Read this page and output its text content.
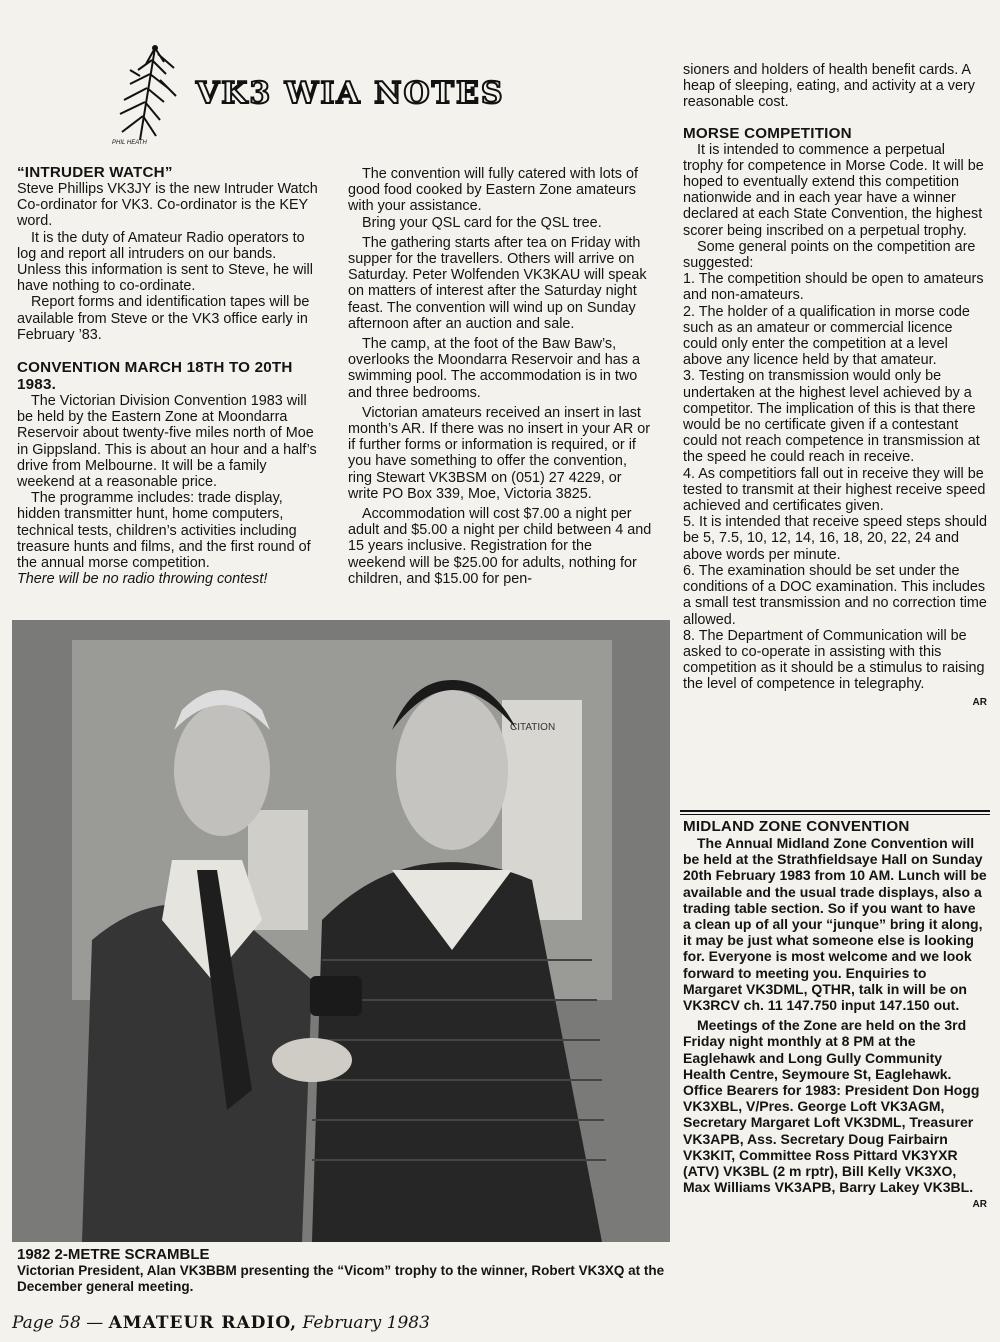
PHIL HEATH
VK3 WIA NOTES
“INTRUDER WATCH”

Steve Phillips VK3JY is the new Intruder Watch Co-ordinator for VK3. Co-ordinator is the KEY word.

It is the duty of Amateur Radio operators to log and report all intruders on our bands. Unless this information is sent to Steve, he will have nothing to co-ordinate.

Report forms and identification tapes will be available from Steve or the VK3 office early in February ’83.

CONVENTION MARCH 18TH TO 20TH 1983.

The Victorian Division Convention 1983 will be held by the Eastern Zone at Moondarra Reservoir about twenty-five miles north of Moe in Gippsland. This is about an hour and a half’s drive from Melbourne. It will be a family weekend at a reasonable price.

The programme includes: trade display, hidden transmitter hunt, home computers, technical tests, children’s activities including treasure hunts and films, and the first round of the annual morse competition.

There will be no radio throwing contest!

The convention will fully catered with lots of good food cooked by Eastern Zone amateurs with your assistance.

Bring your QSL card for the QSL tree.

The gathering starts after tea on Friday with supper for the travellers. Others will arrive on Saturday. Peter Wolfenden VK3KAU will speak on matters of interest after the Saturday night feast. The convention will wind up on Sunday afternoon after an auction and sale.

The camp, at the foot of the Baw Baw’s, overlooks the Moondarra Reservoir and has a swimming pool. The accommodation is in two and three bedrooms.

Victorian amateurs received an insert in last month’s AR. If there was no insert in your AR or if further forms or information is required, or if you have something to offer the convention, ring Stewart VK3BSM on (051) 27 4229, or write PO Box 339, Moe, Victoria 3825.

Accommodation will cost $7.00 a night per adult and $5.00 a night per child between 4 and 15 years inclusive. Registration for the weekend will be $25.00 for adults, nothing for children, and $15.00 for pen-

sioners and holders of health benefit cards. A heap of sleeping, eating, and activity at a very reasonable cost.

MORSE COMPETITION

It is intended to commence a perpetual trophy for competence in Morse Code. It will be hoped to eventually extend this competition nationwide and in each year have a winner declared at each State Convention, the highest scorer being inscribed on a perpetual trophy.

Some general points on the competition are suggested:

1. The competition should be open to amateurs and non-amateurs.

2. The holder of a qualification in morse code such as an amateur or commercial licence could only enter the competition at a level above any licence held by that amateur.

3. Testing on transmission would only be undertaken at the highest level achieved by a competitor. The implication of this is that there would be no certificate given if a contestant could not reach competence in transmission at the speed he could reach in receive.

4. As competitiors fall out in receive they will be tested to transmit at their highest receive speed achieved and certificates given.

5. It is intended that receive speed steps should be 5, 7.5, 10, 12, 14, 16, 18, 20, 22, 24 and above words per minute.

6. The examination should be set under the conditions of a DOC examination. This includes a small test transmission and no correction time allowed.

8. The Department of Communication will be asked to co-operate in assisting with this competition as it should be a stimulus to raising the level of competence in telegraphy.

AR
MIDLAND ZONE CONVENTION

The Annual Midland Zone Convention will be held at the Strathfieldsaye Hall on Sunday 20th February 1983 from 10 AM. Lunch will be available and the usual trade displays, also a trading table section. So if you want to have a clean up of all your “junque” bring it along, it may be just what someone else is looking for. Everyone is most welcome and we look forward to meeting you. Enquiries to Margaret VK3DML, QTHR, talk in will be on VK3RCV ch. 11 147.750 input 147.150 out.

Meetings of the Zone are held on the 3rd Friday night monthly at 8 PM at the Eaglehawk and Long Gully Community Health Centre, Seymoure St, Eaglehawk. Office Bearers for 1983: President Don Hogg VK3XBL, V/Pres. George Loft VK3AGM, Secretary Margaret Loft VK3DML, Treasurer VK3APB, Ass. Secretary Doug Fairbairn VK3KIT, Committee Ross Pittard VK3YXR (ATV) VK3BL (2 m rptr), Bill Kelly VK3XO, Max Williams VK3APB, Barry Lakey VK3BL.

AR
CITATION
1982 2-METRE SCRAMBLE
Victorian President, Alan VK3BBM presenting the “Vicom” trophy to the winner, Robert VK3XQ at the December general meeting.
Page 58 — AMATEUR RADIO, February 1983
